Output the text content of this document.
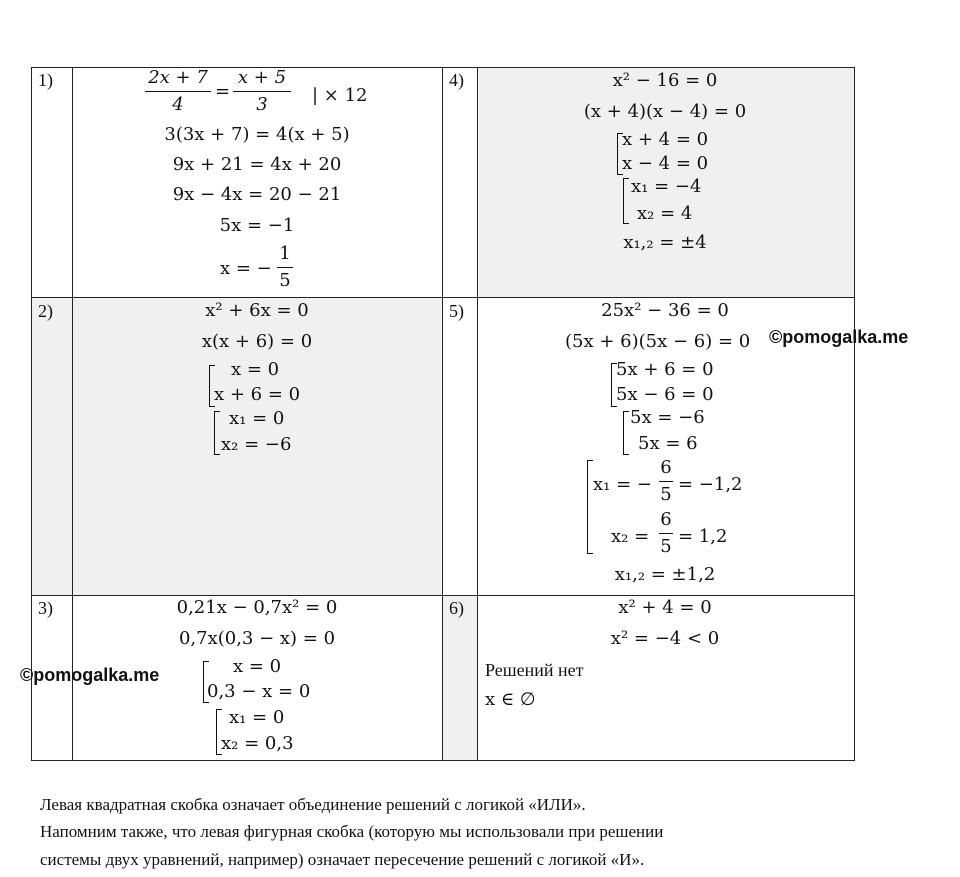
1)
2)
3)
4)
5)
6)
2x + 7
4
=
x + 5
3	| × 12
3(3x + 7) = 4(x + 5)
9x + 21 = 4x + 20
9x − 4x = 20 − 21
5x = −1
x = −
1
5
x² + 6x = 0
x(x + 6) = 0
x = 0
x + 6 = 0
x₁ = 0
x₂ = −6
0,21x − 0,7x² = 0
0,7x(0,3 − x) = 0
x = 0
0,3 − x = 0
x₁ = 0
x₂ = 0,3
x² − 16 = 0
(x + 4)(x − 4) = 0
x + 4 = 0
x − 4 = 0
x₁ = −4
x₂ = 4
x₁,₂ = ±4
25x² − 36 = 0
(5x + 6)(5x − 6) = 0
5x + 6 = 0
5x − 6 = 0
5x = −6
5x = 6
x₁ = −
6
5 = −1,2
x₂ =
6
5 = 1,2
x₁,₂ = ±1,2
x² + 4 = 0
x² = −4 < 0
Решений нет
x ∈ ∅
©pomogalka.me
©pomogalka.me
Левая квадратная скобка означает объединение решений с логикой «ИЛИ».
Напомним также, что левая фигурная скобка (которую мы использовали при решении
системы двух уравнений, например) означает пересечение решений с логикой «И».
